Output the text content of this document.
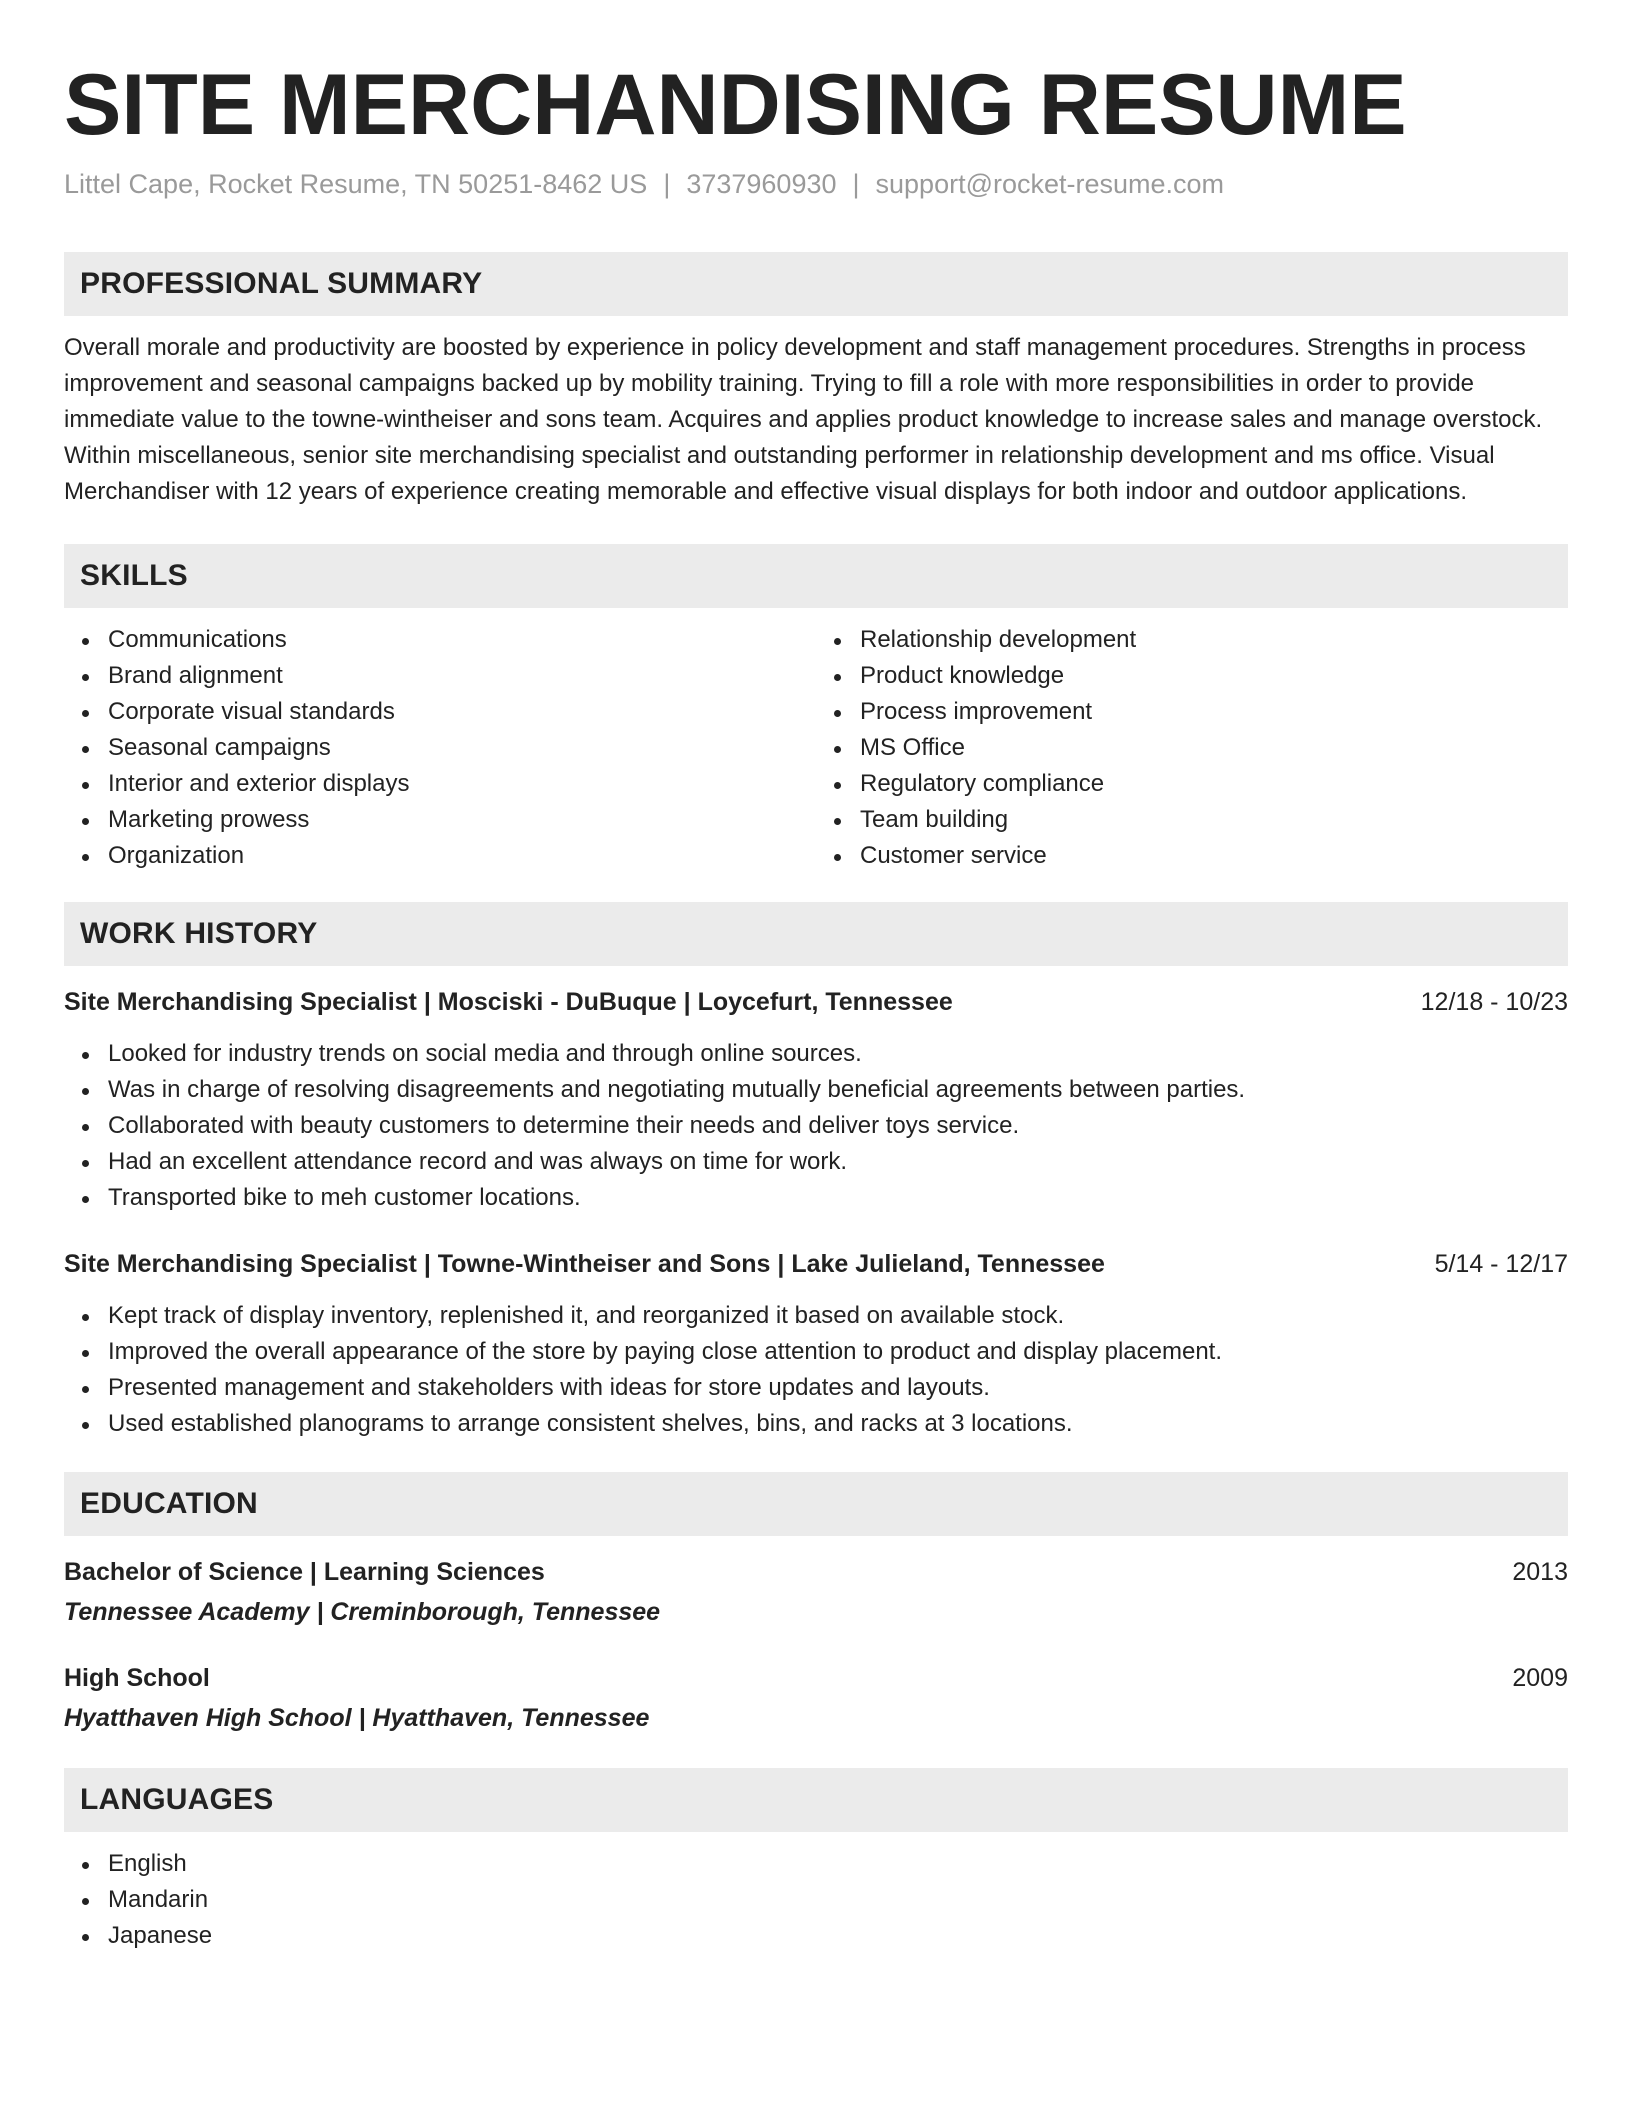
SITE MERCHANDISING RESUME
Littel Cape, Rocket Resume, TN 50251-8462 US | 3737960930 | support@rocket-resume.com
PROFESSIONAL SUMMARY
Overall morale and productivity are boosted by experience in policy development and staff management procedures. Strengths in process improvement and seasonal campaigns backed up by mobility training. Trying to fill a role with more responsibilities in order to provide immediate value to the towne-wintheiser and sons team. Acquires and applies product knowledge to increase sales and manage overstock. Within miscellaneous, senior site merchandising specialist and outstanding performer in relationship development and ms office. Visual Merchandiser with 12 years of experience creating memorable and effective visual displays for both indoor and outdoor applications.
SKILLS
Communications
Brand alignment
Corporate visual standards
Seasonal campaigns
Interior and exterior displays
Marketing prowess
Organization
Relationship development
Product knowledge
Process improvement
MS Office
Regulatory compliance
Team building
Customer service
WORK HISTORY
Site Merchandising Specialist | Mosciski - DuBuque | Loycefurt, Tennessee	12/18 - 10/23
Looked for industry trends on social media and through online sources.
Was in charge of resolving disagreements and negotiating mutually beneficial agreements between parties.
Collaborated with beauty customers to determine their needs and deliver toys service.
Had an excellent attendance record and was always on time for work.
Transported bike to meh customer locations.
Site Merchandising Specialist | Towne-Wintheiser and Sons | Lake Julieland, Tennessee	5/14 - 12/17
Kept track of display inventory, replenished it, and reorganized it based on available stock.
Improved the overall appearance of the store by paying close attention to product and display placement.
Presented management and stakeholders with ideas for store updates and layouts.
Used established planograms to arrange consistent shelves, bins, and racks at 3 locations.
EDUCATION
Bachelor of Science | Learning Sciences	2013
Tennessee Academy | Creminborough, Tennessee
High School	2009
Hyatthaven High School | Hyatthaven, Tennessee
LANGUAGES
English
Mandarin
Japanese
